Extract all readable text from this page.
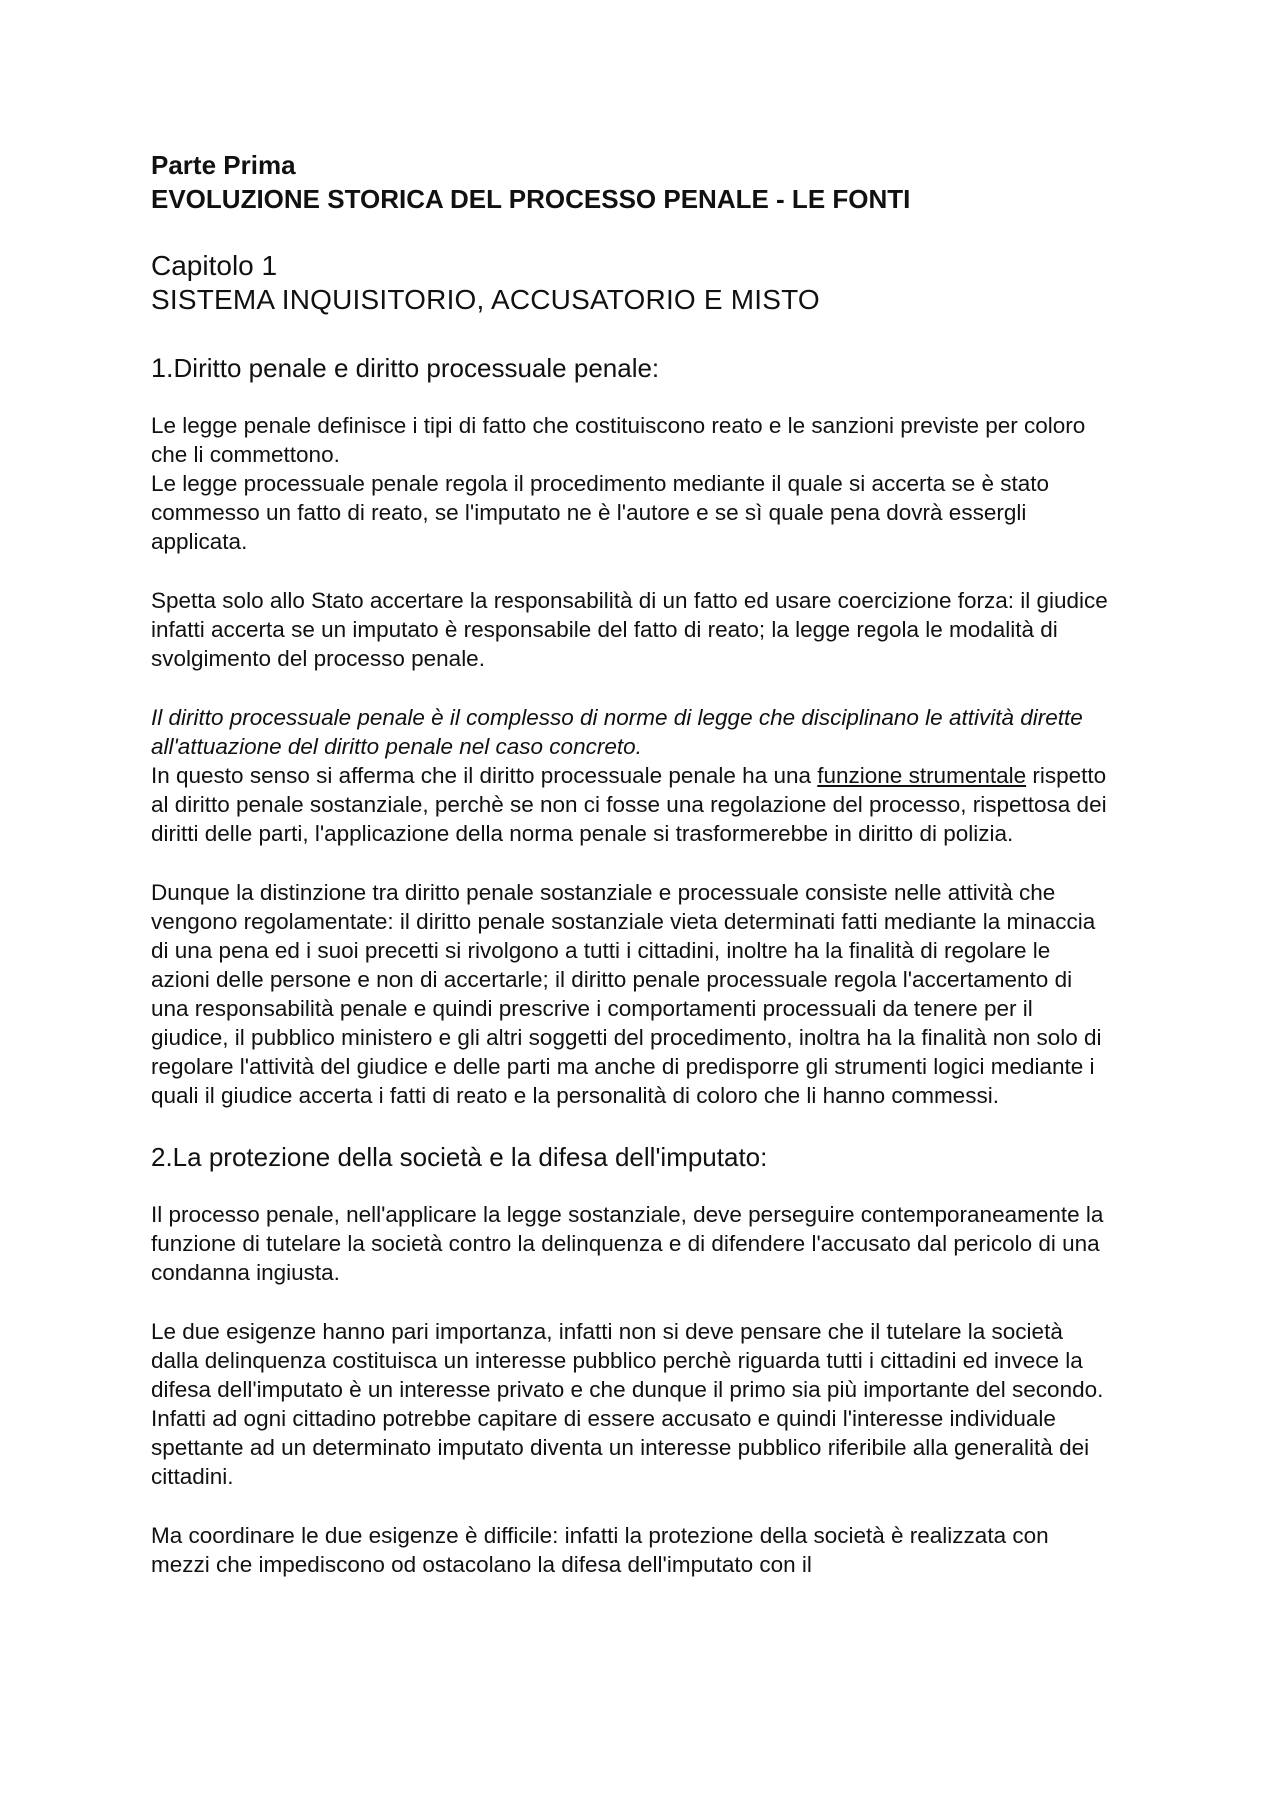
Parte Prima
EVOLUZIONE STORICA DEL PROCESSO PENALE - LE FONTI
Capitolo 1
SISTEMA INQUISITORIO, ACCUSATORIO E MISTO
1.Diritto penale e diritto processuale penale:

Le legge penale definisce i tipi di fatto che costituiscono reato e le sanzioni previste per coloro che li commettono.

Le legge processuale penale regola il procedimento mediante il quale si accerta se è stato commesso un fatto di reato, se l'imputato ne è l'autore e se sì quale pena dovrà essergli applicata.

Spetta solo allo Stato accertare la responsabilità di un fatto ed usare coercizione forza: il giudice infatti accerta se un imputato è responsabile del fatto di reato; la legge regola le modalità di svolgimento del processo penale.

Il diritto processuale penale è il complesso di norme di legge che disciplinano le attività dirette all'attuazione del diritto penale nel caso concreto.

In questo senso si afferma che il diritto processuale penale ha una funzione strumentale rispetto al diritto penale sostanziale, perchè se non ci fosse una regolazione del processo, rispettosa dei diritti delle parti, l'applicazione della norma penale si trasformerebbe in diritto di polizia.

Dunque la distinzione tra diritto penale sostanziale e processuale consiste nelle attività che vengono regolamentate: il diritto penale sostanziale vieta determinati fatti mediante la minaccia di una pena ed i suoi precetti si rivolgono a tutti i cittadini, inoltre ha la finalità di regolare le azioni delle persone e non di accertarle; il diritto penale processuale regola l'accertamento di una responsabilità penale e quindi prescrive i comportamenti processuali da tenere per il giudice, il pubblico ministero e gli altri soggetti del procedimento, inoltra ha la finalità non solo di regolare l'attività del giudice e delle parti ma anche di predisporre gli strumenti logici mediante i quali il giudice accerta i fatti di reato e la personalità di coloro che li hanno commessi.

2.La protezione della società e la difesa dell'imputato:

Il processo penale, nell'applicare la legge sostanziale, deve perseguire contemporaneamente la funzione di tutelare la società contro la delinquenza e di difendere l'accusato dal pericolo di una condanna ingiusta.

Le due esigenze hanno pari importanza, infatti non si deve pensare che il tutelare la società dalla delinquenza costituisca un interesse pubblico perchè riguarda tutti i cittadini ed invece la difesa dell'imputato è un interesse privato e che dunque il primo sia più importante del secondo. Infatti ad ogni cittadino potrebbe capitare di essere accusato e quindi l'interesse individuale spettante ad un determinato imputato diventa un interesse pubblico riferibile alla generalità dei cittadini.

Ma coordinare le due esigenze è difficile: infatti la protezione della società è realizzata con mezzi che impediscono od ostacolano la difesa dell'imputato con il
